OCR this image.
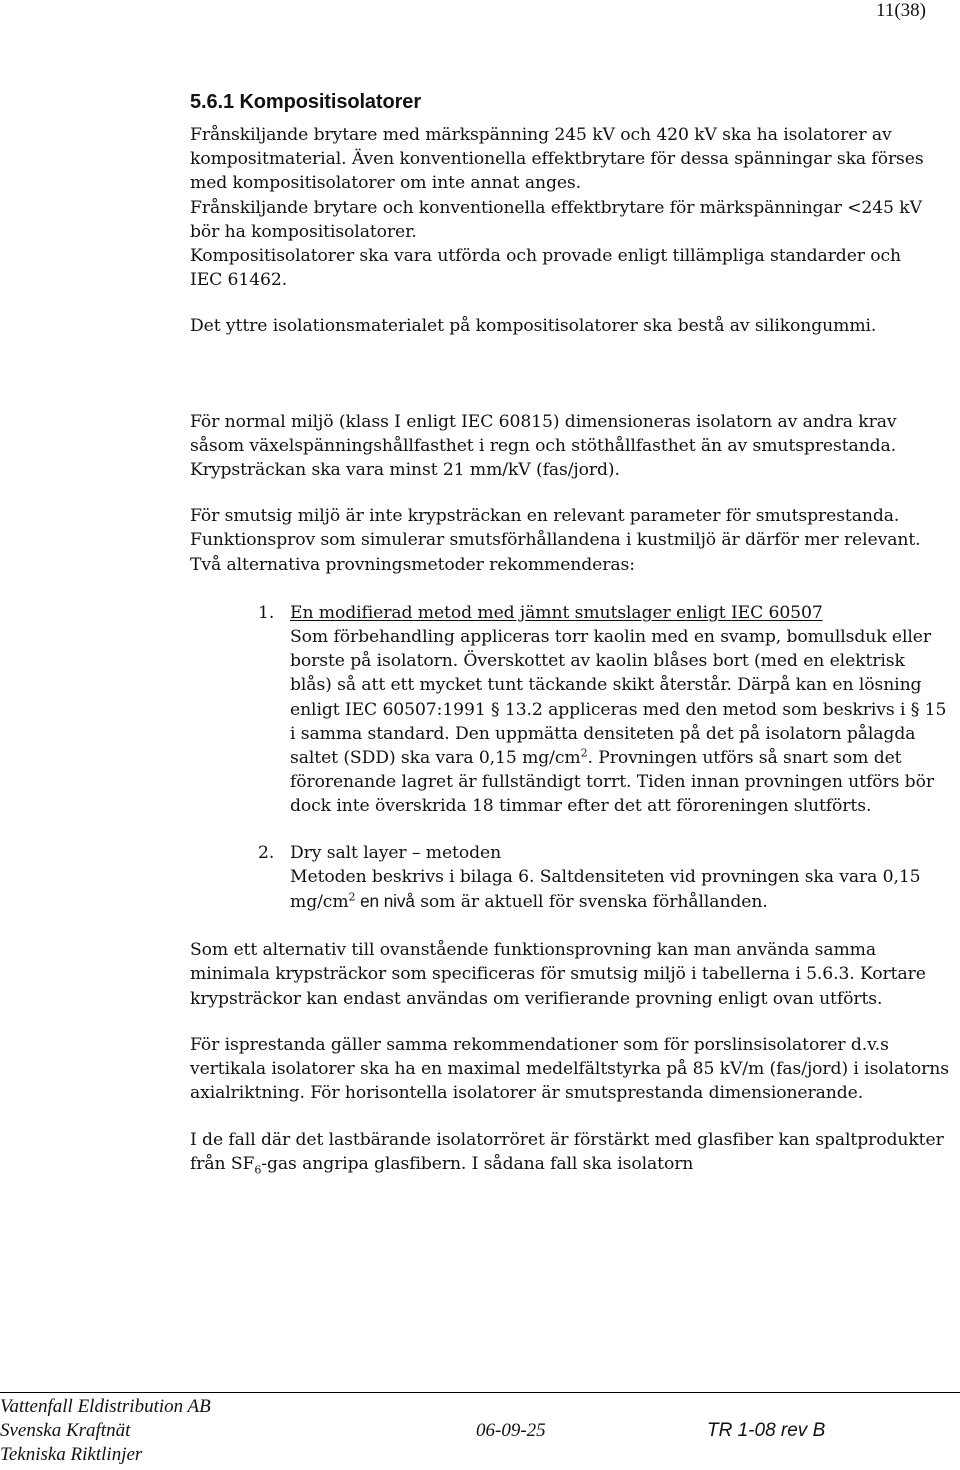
11(38)
5.6.1 Kompositisolatorer

Frånskiljande brytare med märkspänning 245 kV och 420 kV ska ha isolatorer av kompositmaterial. Även konventionella effektbrytare för dessa spänningar ska förses med kompositisolatorer om inte annat anges.

Frånskiljande brytare och konventionella effektbrytare för märkspänningar <245 kV bör ha kompositisolatorer.

Kompositisolatorer ska vara utförda och provade enligt tillämpliga standarder och

IEC 61462.

Det yttre isolationsmaterialet på kompositisolatorer ska bestå av silikongummi.

För normal miljö (klass I enligt IEC 60815) dimensioneras isolatorn av andra krav såsom växelspänningshållfasthet i regn och stöthållfasthet än av smutsprestanda. Krypsträckan ska vara minst 21 mm/kV (fas/jord).

För smutsig miljö är inte krypsträckan en relevant parameter för smutsprestanda. Funktionsprov som simulerar smutsförhållandena i kustmiljö är därför mer relevant. Två alternativa provningsmetoder rekommenderas:

1. En modifierad metod med jämnt smutslager enligt IEC 60507
Som förbehandling appliceras torr kaolin med en svamp, bomullsduk eller borste på isolatorn. Överskottet av kaolin blåses bort (med en elektrisk blås) så att ett mycket tunt täckande skikt återstår. Därpå kan en lösning enligt IEC 60507:1991 § 13.2 appliceras med den metod som beskrivs i § 15 i samma standard. Den uppmätta densiteten på det på isolatorn pålagda saltet (SDD) ska vara 0,15 $mg/cm^2$. Provningen utförs så snart som det förorenande lagret är fullständigt torrt. Tiden innan provningen utförs bör dock inte överskrida 18 timmar efter det att föroreningen slutförts.
2. Dry salt layer – metoden
Metoden beskrivs i bilaga 6. Saltdensiteten vid provningen ska vara 0,15 $mg/cm^2$ en nivå som är aktuell för svenska förhållanden.

Som ett alternativ till ovanstående funktionsprovning kan man använda samma minimala krypsträckor som specificeras för smutsig miljö i tabellerna i 5.6.3. Kortare krypsträckor kan endast användas om verifierande provning enligt ovan utförts.

För isprestanda gäller samma rekommendationer som för porslinsisolatorer d.v.s vertikala isolatorer ska ha en maximal medelfältstyrka på 85 kV/m (fas/jord) i isolatorns axialriktning. För horisontella isolatorer är smutsprestanda dimensionerande.

I de fall där det lastbärande isolatorröret är förstärkt med glasfiber kan spaltprodukter från $SF_6$-gas angripa glasfibern. I sådana fall ska isolatorn

Vattenfall Eldistribution AB
Svenska Kraftnät
Tekniska Riktlinjer
06-09-25	TR 1-08 rev B
